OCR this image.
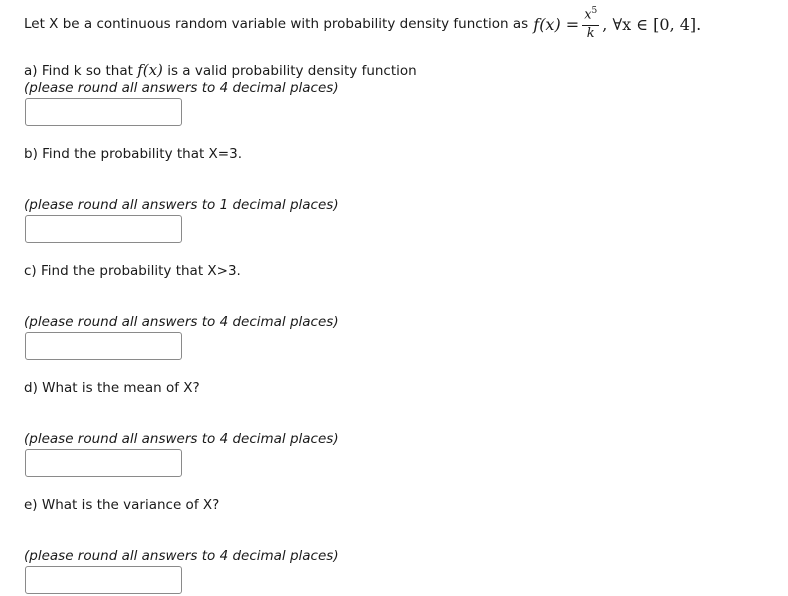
Let X be a continuous random variable with probability density function as $f(x) = \frac{x^5}{k}$ , ∀x ∈ [0, 4].
a) Find k so that f(x) is a valid probability density function
(please round all answers to 4 decimal places)
b) Find the probability that X=3.
(please round all answers to 1 decimal places)
c) Find the probability that X>3.
(please round all answers to 4 decimal places)
d) What is the mean of X?
(please round all answers to 4 decimal places)
e) What is the variance of X?
(please round all answers to 4 decimal places)
